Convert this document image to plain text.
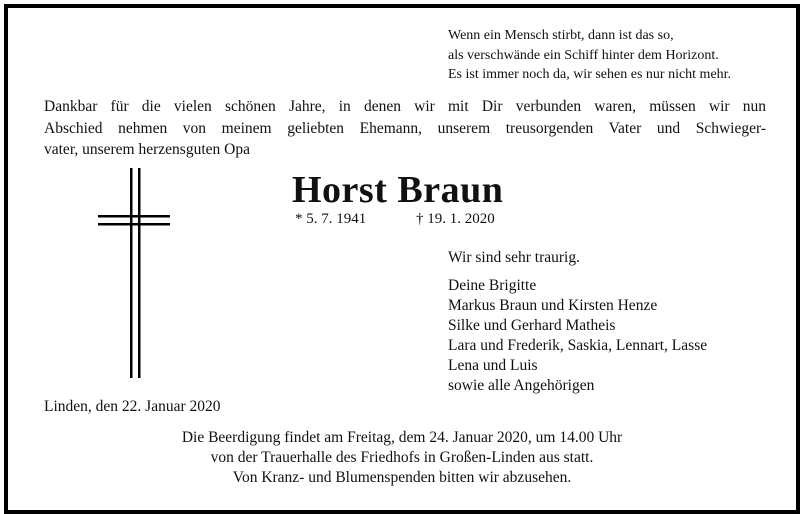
Wenn ein Mensch stirbt, dann ist das so,
als verschwände ein Schiff hinter dem Horizont.
Es ist immer noch da, wir sehen es nur nicht mehr.
Dankbar für die vielen schönen Jahre, in denen wir mit Dir verbunden waren, müssen wir nun
Abschied nehmen von meinem geliebten Ehemann, unserem treusorgenden Vater und Schwieger-
vater, unserem herzensguten Opa
Horst Braun
* 5. 7. 1941	† 19. 1. 2020
Wir sind sehr traurig.
Deine Brigitte
Markus Braun und Kirsten Henze
Silke und Gerhard Matheis
Lara und Frederik, Saskia, Lennart, Lasse
Lena und Luis
sowie alle Angehörigen
Linden, den 22. Januar 2020
Die Beerdigung findet am Freitag, dem 24. Januar 2020, um 14.00 Uhr
von der Trauerhalle des Friedhofs in Großen-Linden aus statt.
Von Kranz- und Blumenspenden bitten wir abzusehen.
